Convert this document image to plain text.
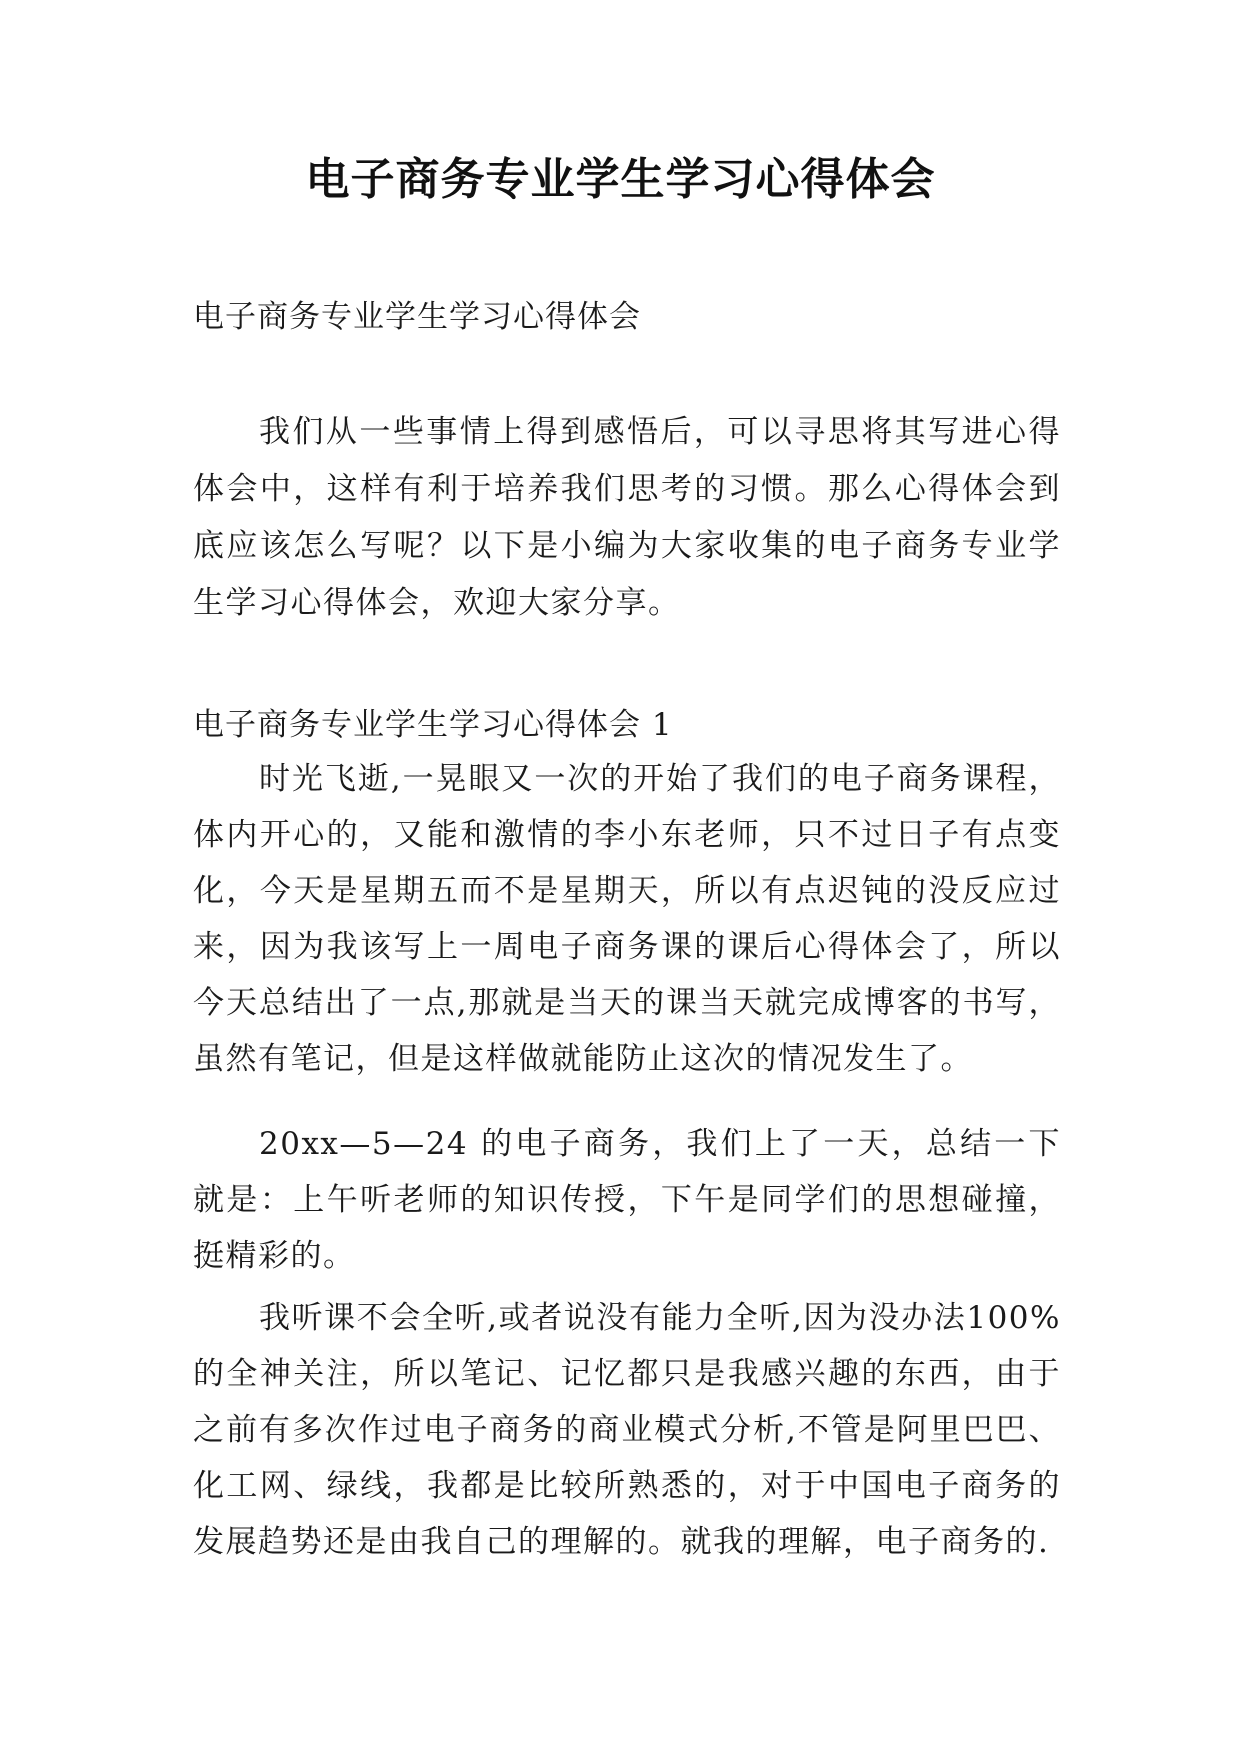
电子商务专业学生学习心得体会
电子商务专业学生学习心得体会

我们从一些事情上得到感悟后，可以寻思将其写进心得体会中，这样有利于培养我们思考的习惯。那么心得体会到底应该怎么写呢？以下是小编为大家收集的电子商务专业学生学习心得体会，欢迎大家分享。

电子商务专业学生学习心得体会 1

时光飞逝,一晃眼又一次的开始了我们的电子商务课程，体内开心的，又能和激情的李小东老师，只不过日子有点变化，今天是星期五而不是星期天，所以有点迟钝的没反应过来，因为我该写上一周电子商务课的课后心得体会了，所以今天总结出了一点,那就是当天的课当天就完成博客的书写，虽然有笔记，但是这样做就能防止这次的情况发生了。

20xx—5—24 的电子商务，我们上了一天，总结一下就是：上午听老师的知识传授，下午是同学们的思想碰撞，挺精彩的。

我听课不会全听,或者说没有能力全听,因为没办法100%的全神关注，所以笔记、记忆都只是我感兴趣的东西，由于之前有多次作过电子商务的商业模式分析,不管是阿里巴巴、化工网、绿线，我都是比较所熟悉的，对于中国电子商务的发展趋势还是由我自己的理解的。就我的理解，电子商务的.
